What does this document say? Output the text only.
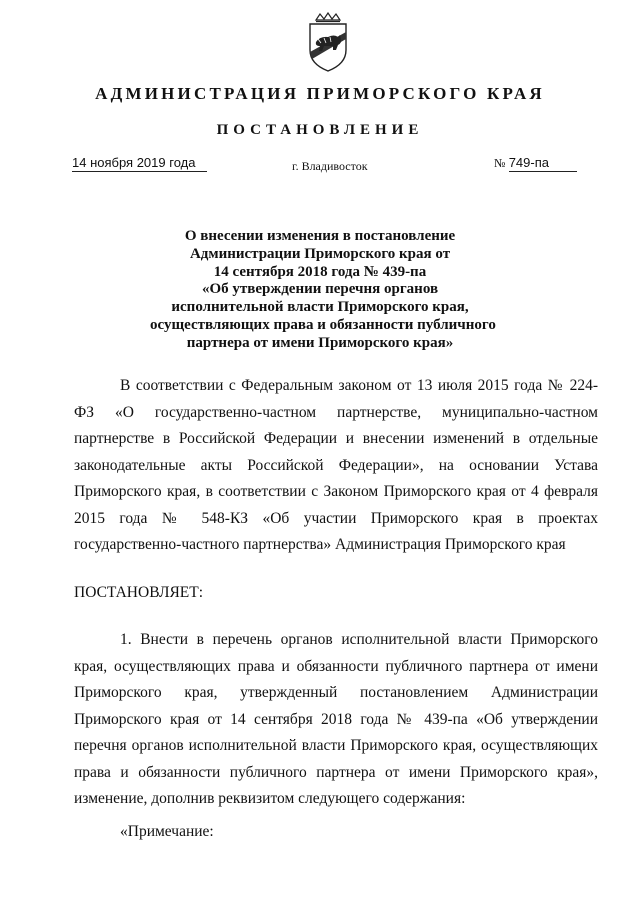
АДМИНИСТРАЦИЯ ПРИМОРСКОГО КРАЯ
ПОСТАНОВЛЕНИЕ
14 ноября 2019 года	г. Владивосток	№ 749-па
О внесении изменения в постановление
Администрации Приморского края от
14 сентября 2018 года № 439-па
«Об утверждении перечня органов
исполнительной власти Приморского края,
осуществляющих права и обязанности публичного
партнера от имени Приморского края»

В соответствии с Федеральным законом от 13 июля 2015 года № 224-ФЗ «О государственно-частном партнерстве, муниципально-частном партнерстве в Российской Федерации и внесении изменений в отдельные законодательные акты Российской Федерации», на основании Устава Приморского края, в соответствии с Законом Приморского края от 4 февраля 2015 года № 548-КЗ «Об участии Приморского края в проектах государственно-частного партнерства» Администрация Приморского края

ПОСТАНОВЛЯЕТ:

1. Внести в перечень органов исполнительной власти Приморского края, осуществляющих права и обязанности публичного партнера от имени Приморского края, утвержденный постановлением Администрации Приморского края от 14 сентября 2018 года № 439-па «Об утверждении перечня органов исполнительной власти Приморского края, осуществляющих права и обязанности публичного партнера от имени Приморского края», изменение, дополнив реквизитом следующего содержания:

«Примечание:
